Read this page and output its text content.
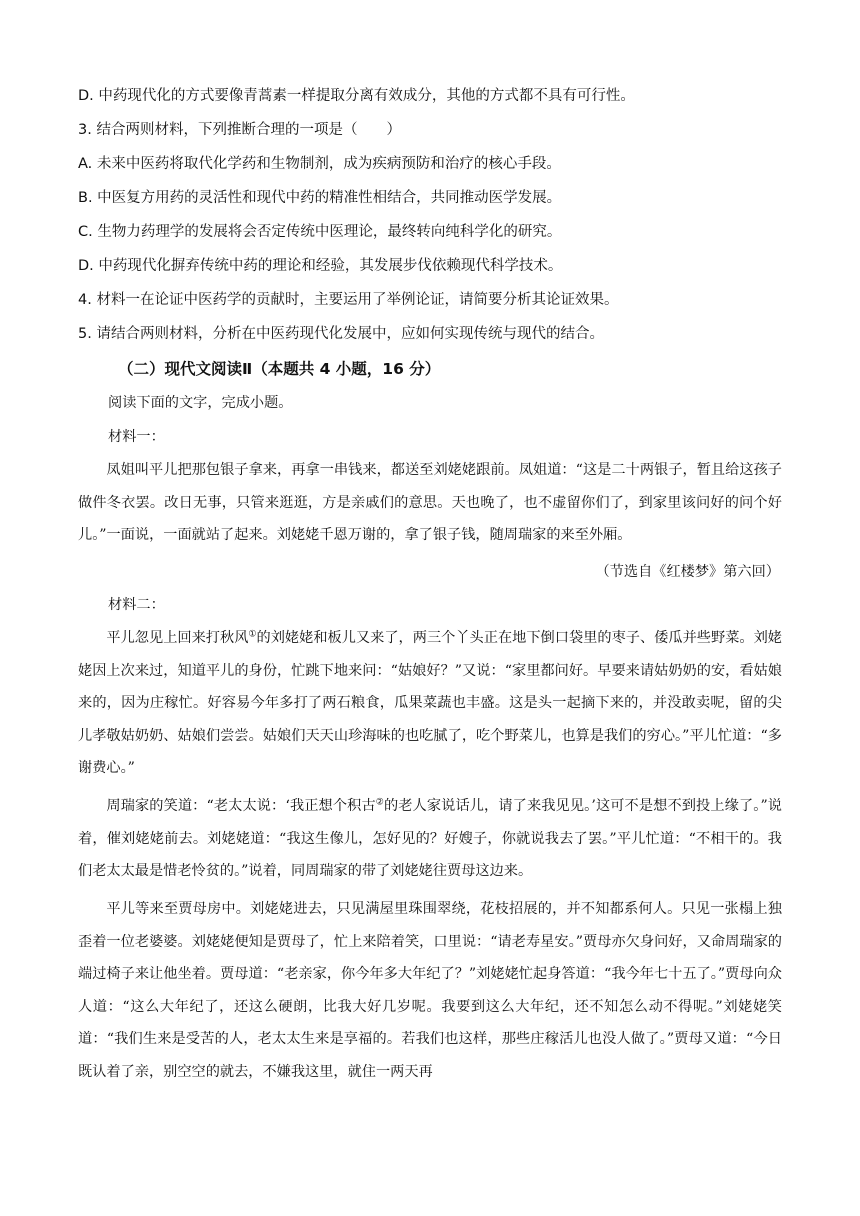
D. 中药现代化的方式要像青蒿素一样提取分离有效成分，其他的方式都不具有可行性。
3. 结合两则材料，下列推断合理的一项是（　　）
A. 未来中医药将取代化学药和生物制剂，成为疾病预防和治疗的核心手段。
B. 中医复方用药的灵活性和现代中药的精准性相结合，共同推动医学发展。
C. 生物力药理学的发展将会否定传统中医理论，最终转向纯科学化的研究。
D. 中药现代化摒弃传统中药的理论和经验，其发展步伐依赖现代科学技术。
4. 材料一在论证中医药学的贡献时，主要运用了举例论证，请简要分析其论证效果。
5. 请结合两则材料，分析在中医药现代化发展中，应如何实现传统与现代的结合。
（二）现代文阅读Ⅱ（本题共 4 小题，16 分）
阅读下面的文字，完成小题。
材料一：
凤姐叫平儿把那包银子拿来，再拿一串钱来，都送至刘姥姥跟前。凤姐道：“这是二十两银子，暂且给这孩子做件冬衣罢。改日无事，只管来逛逛，方是亲戚们的意思。天也晚了，也不虚留你们了，到家里该问好的问个好儿。”一面说，一面就站了起来。刘姥姥千恩万谢的，拿了银子钱，随周瑞家的来至外厢。
（节选自《红楼梦》第六回）
材料二：
平儿忽见上回来打秋风①的刘姥姥和板儿又来了，两三个丫头正在地下倒口袋里的枣子、倭瓜并些野菜。刘姥姥因上次来过，知道平儿的身份，忙跳下地来问：“姑娘好？”又说：“家里都问好。早要来请姑奶奶的安，看姑娘来的，因为庄稼忙。好容易今年多打了两石粮食，瓜果菜蔬也丰盛。这是头一起摘下来的，并没敢卖呢，留的尖儿孝敬姑奶奶、姑娘们尝尝。姑娘们天天山珍海味的也吃腻了，吃个野菜儿，也算是我们的穷心。”平儿忙道：“多谢费心。”
周瑞家的笑道：“老太太说：‘我正想个积古②的老人家说话儿，请了来我见见。’这可不是想不到投上缘了。”说着，催刘姥姥前去。刘姥姥道：“我这生像儿，怎好见的？好嫂子，你就说我去了罢。”平儿忙道：“不相干的。我们老太太最是惜老怜贫的。”说着，同周瑞家的带了刘姥姥往贾母这边来。
平儿等来至贾母房中。刘姥姥进去，只见满屋里珠围翠绕，花枝招展的，并不知都系何人。只见一张榻上独歪着一位老婆婆。刘姥姥便知是贾母了，忙上来陪着笑，口里说：“请老寿星安。”贾母亦欠身问好，又命周瑞家的端过椅子来让他坐着。贾母道：“老亲家，你今年多大年纪了？”刘姥姥忙起身答道：“我今年七十五了。”贾母向众人道：“这么大年纪了，还这么硬朗，比我大好几岁呢。我要到这么大年纪，还不知怎么动不得呢。”刘姥姥笑道：“我们生来是受苦的人，老太太生来是享福的。若我们也这样，那些庄稼活儿也没人做了。”贾母又道：“今日既认着了亲，别空空的就去，不嫌我这里，就住一两天再
